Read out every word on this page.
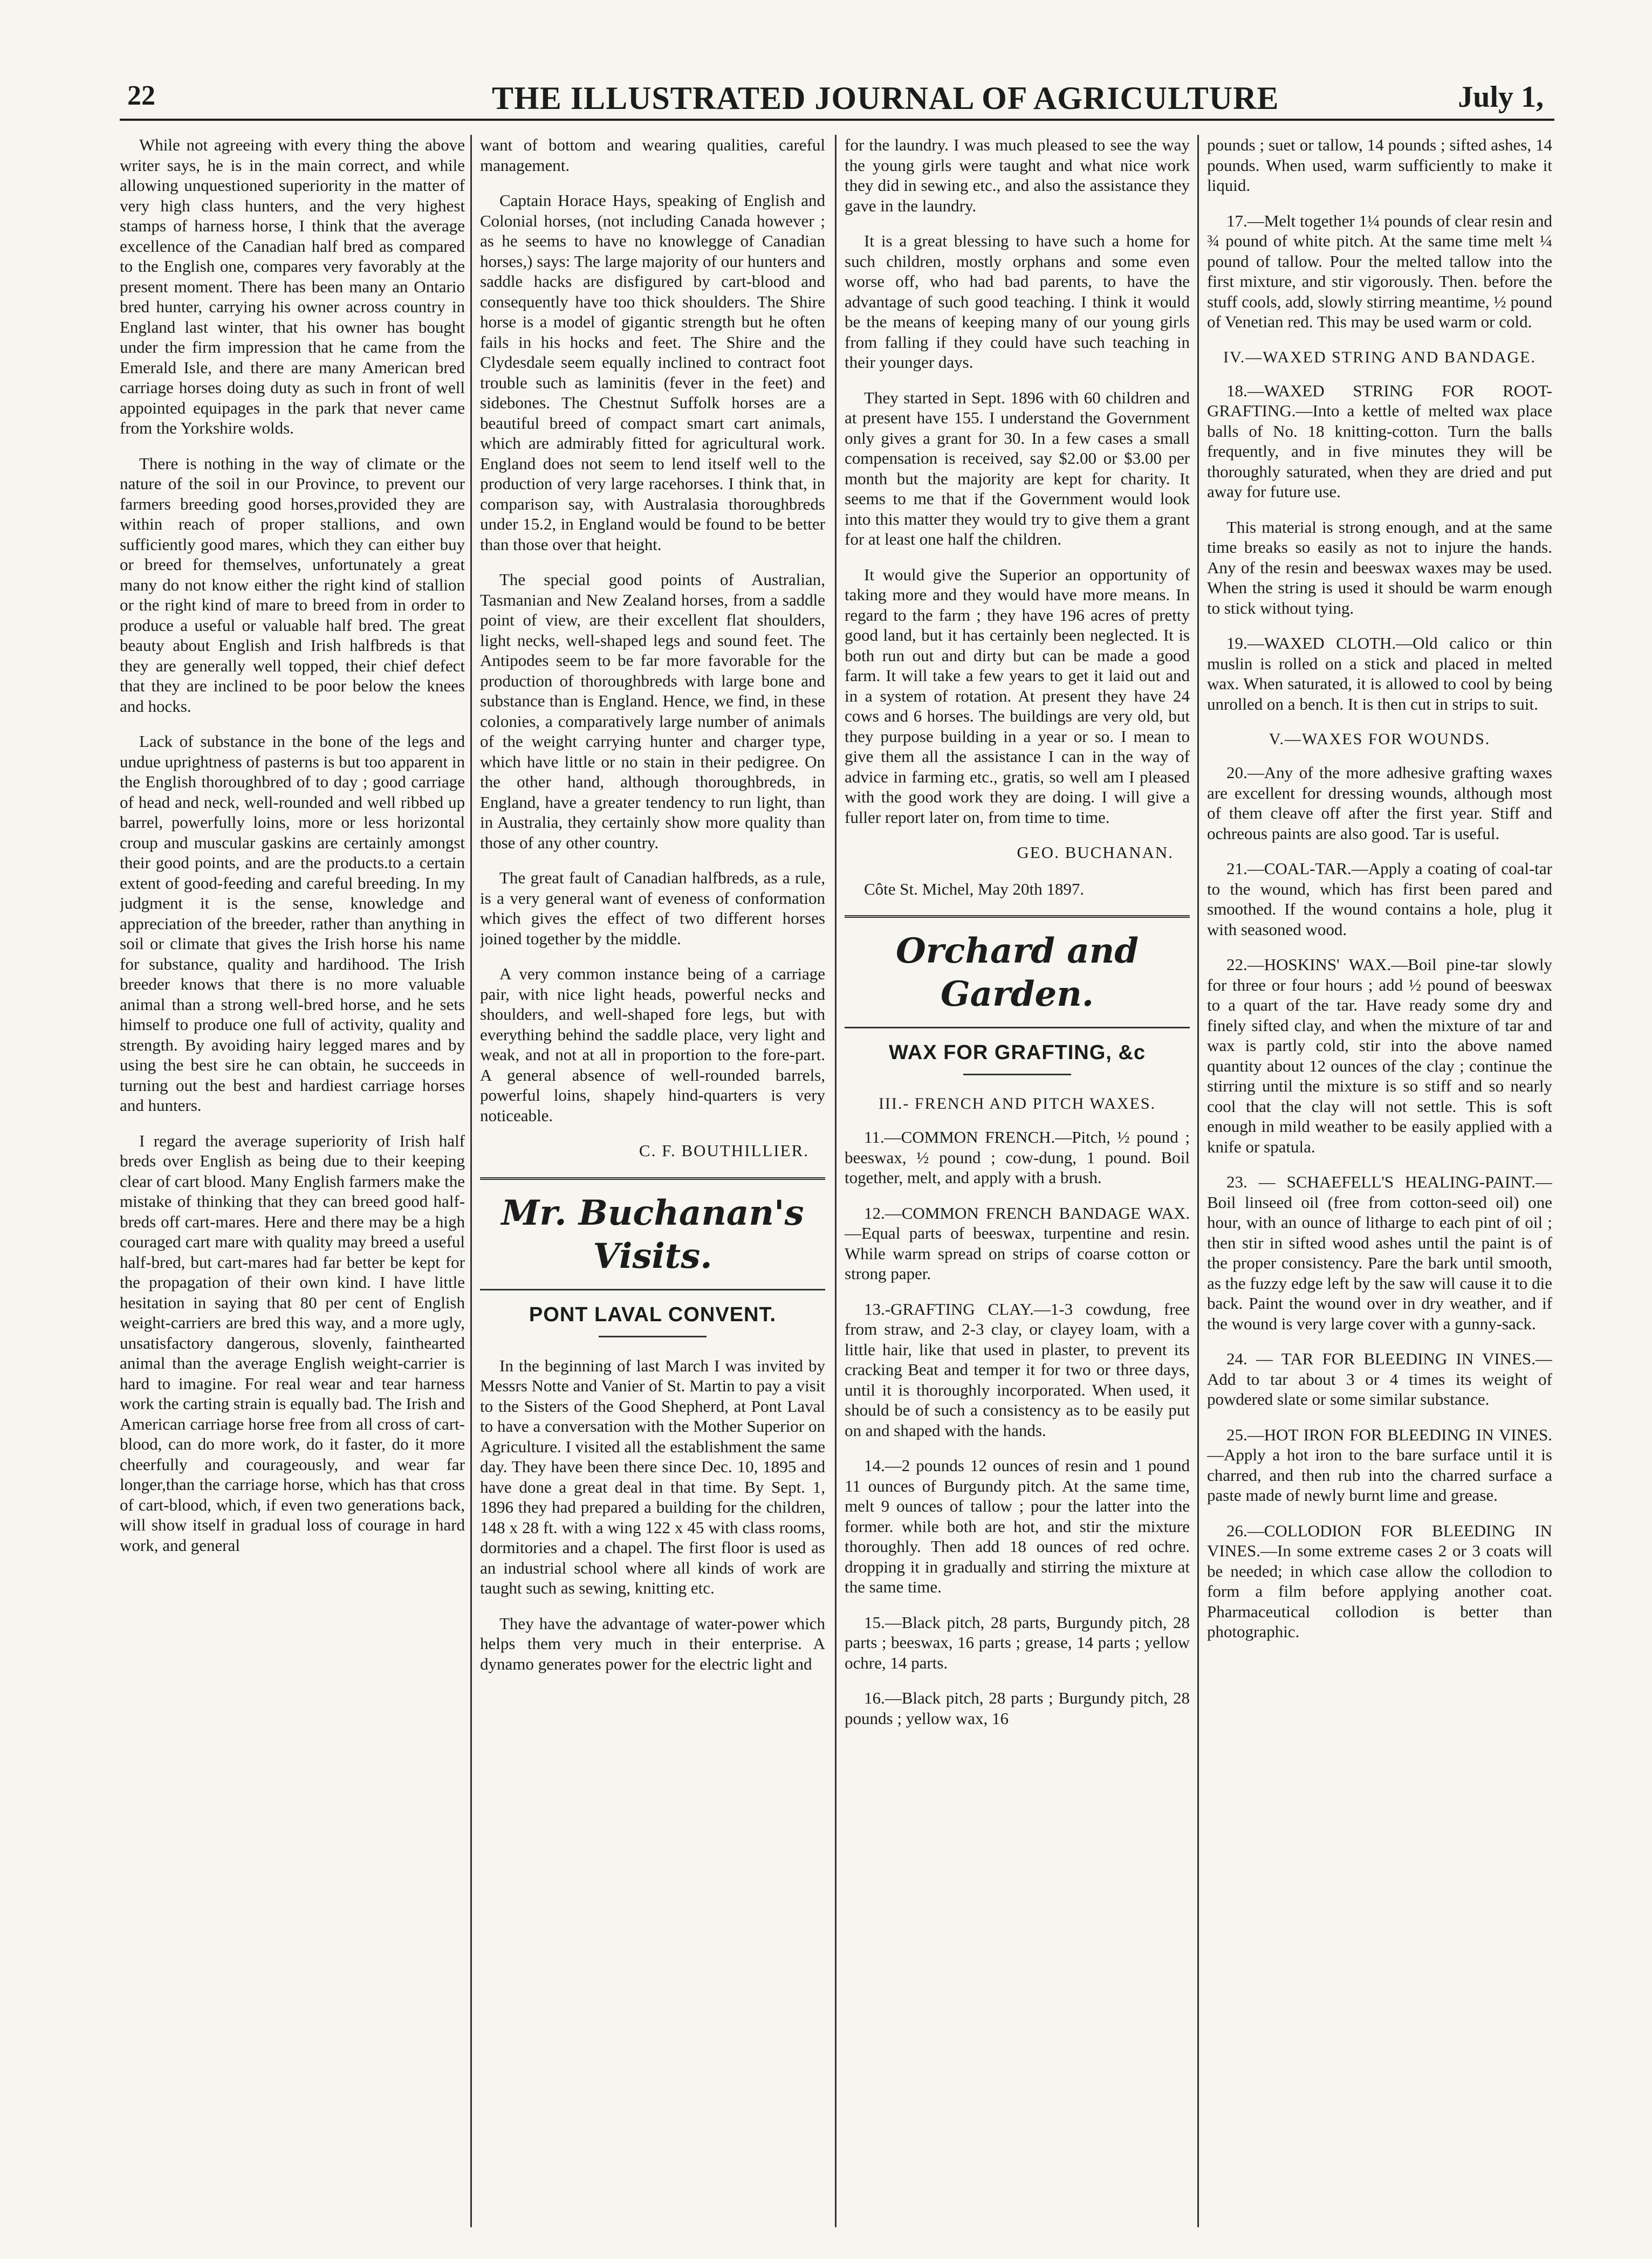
22	THE ILLUSTRATED JOURNAL OF AGRICULTURE	July 1,

While not agreeing with every thing the above writer says, he is in the main correct, and while allowing unquestioned superiority in the matter of very high class hunters, and the very highest stamps of harness horse, I think that the average excellence of the Canadian half bred as compared to the English one, compares very favorably at the present moment. There has been many an Ontario bred hunter, carrying his owner across country in England last winter, that his owner has bought under the firm impression that he came from the Emerald Isle, and there are many American bred carriage horses doing duty as such in front of well appointed equipages in the park that never came from the Yorkshire wolds.

There is nothing in the way of climate or the nature of the soil in our Province, to prevent our farmers breeding good horses,provided they are within reach of proper stallions, and own sufficiently good mares, which they can either buy or breed for themselves, unfortunately a great many do not know either the right kind of stallion or the right kind of mare to breed from in order to produce a useful or valuable half bred. The great beauty about English and Irish halfbreds is that they are generally well topped, their chief defect that they are inclined to be poor below the knees and hocks.

Lack of substance in the bone of the legs and undue uprightness of pasterns is but too apparent in the English thoroughbred of to day ; good carriage of head and neck, well-rounded and well ribbed up barrel, powerfully loins, more or less horizontal croup and muscular gaskins are certainly amongst their good points, and are the products.to a certain extent of good-feeding and careful breeding. In my judgment it is the sense, knowledge and appreciation of the breeder, rather than anything in soil or climate that gives the Irish horse his name for substance, quality and hardihood. The Irish breeder knows that there is no more valuable animal than a strong well-bred horse, and he sets himself to produce one full of activity, quality and strength. By avoiding hairy legged mares and by using the best sire he can obtain, he succeeds in turning out the best and hardiest carriage horses and hunters.

I regard the average superiority of Irish half breds over English as being due to their keeping clear of cart blood. Many English farmers make the mistake of thinking that they can breed good half-breds off cart-mares. Here and there may be a high couraged cart mare with quality may breed a useful half-bred, but cart-mares had far better be kept for the propagation of their own kind. I have little hesitation in saying that 80 per cent of English weight-carriers are bred this way, and a more ugly, unsatisfactory dangerous, slovenly, fainthearted animal than the average English weight-carrier is hard to imagine. For real wear and tear harness work the carting strain is equally bad. The Irish and American carriage horse free from all cross of cart-blood, can do more work, do it faster, do it more cheerfully and courageously, and wear far longer,than the carriage horse, which has that cross of cart-blood, which, if even two generations back, will show itself in gradual loss of courage in hard work, and general

want of bottom and wearing qualities, careful management.

Captain Horace Hays, speaking of English and Colonial horses, (not including Canada however ; as he seems to have no knowlegge of Canadian horses,) says: The large majority of our hunters and saddle hacks are disfigured by cart-blood and consequently have too thick shoulders. The Shire horse is a model of gigantic strength but he often fails in his hocks and feet. The Shire and the Clydesdale seem equally inclined to contract foot trouble such as laminitis (fever in the feet) and sidebones. The Chestnut Suffolk horses are a beautiful breed of compact smart cart animals, which are admirably fitted for agricultural work. England does not seem to lend itself well to the production of very large racehorses. I think that, in comparison say, with Australasia thoroughbreds under 15.2, in England would be found to be better than those over that height.

The special good points of Australian, Tasmanian and New Zealand horses, from a saddle point of view, are their excellent flat shoulders, light necks, well-shaped legs and sound feet. The Antipodes seem to be far more favorable for the production of thoroughbreds with large bone and substance than is England. Hence, we find, in these colonies, a comparatively large number of animals of the weight carrying hunter and charger type, which have little or no stain in their pedigree. On the other hand, although thoroughbreds, in England, have a greater tendency to run light, than in Australia, they certainly show more quality than those of any other country.

The great fault of Canadian halfbreds, as a rule, is a very general want of eveness of conformation which gives the effect of two different horses joined together by the middle.

A very common instance being of a carriage pair, with nice light heads, powerful necks and shoulders, and well-shaped fore legs, but with everything behind the saddle place, very light and weak, and not at all in proportion to the fore-part. A general absence of well-rounded barrels, powerful loins, shapely hind-quarters is very noticeable.

C. F. BOUTHILLIER.

Mr. Buchanan's Visits.
PONT LAVAL CONVENT.

In the beginning of last March I was invited by Messrs Notte and Vanier of St. Martin to pay a visit to the Sisters of the Good Shepherd, at Pont Laval to have a conversation with the Mother Superior on Agriculture. I visited all the establishment the same day. They have been there since Dec. 10, 1895 and have done a great deal in that time. By Sept. 1, 1896 they had prepared a building for the children, 148 x 28 ft. with a wing 122 x 45 with class rooms, dormitories and a chapel. The first floor is used as an industrial school where all kinds of work are taught such as sewing, knitting etc.

They have the advantage of water-power which helps them very much in their enterprise. A dynamo generates power for the electric light and

for the laundry. I was much pleased to see the way the young girls were taught and what nice work they did in sewing etc., and also the assistance they gave in the laundry.

It is a great blessing to have such a home for such children, mostly orphans and some even worse off, who had bad parents, to have the advantage of such good teaching. I think it would be the means of keeping many of our young girls from falling if they could have such teaching in their younger days.

They started in Sept. 1896 with 60 children and at present have 155. I understand the Government only gives a grant for 30. In a few cases a small compensation is received, say $2.00 or $3.00 per month but the majority are kept for charity. It seems to me that if the Government would look into this matter they would try to give them a grant for at least one half the children.

It would give the Superior an opportunity of taking more and they would have more means. In regard to the farm ; they have 196 acres of pretty good land, but it has certainly been neglected. It is both run out and dirty but can be made a good farm. It will take a few years to get it laid out and in a system of rotation. At present they have 24 cows and 6 horses. The buildings are very old, but they purpose building in a year or so. I mean to give them all the assistance I can in the way of advice in farming etc., gratis, so well am I pleased with the good work they are doing. I will give a fuller report later on, from time to time.

GEO. BUCHANAN.

Côte St. Michel, May 20th 1897.

Orchard and Garden.
WAX FOR GRAFTING, &c
III.- FRENCH AND PITCH WAXES.

11.—COMMON FRENCH.—Pitch, ½ pound ; beeswax, ½ pound ; cow-dung, 1 pound. Boil together, melt, and apply with a brush.

12.—COMMON FRENCH BANDAGE WAX.—Equal parts of beeswax, turpentine and resin. While warm spread on strips of coarse cotton or strong paper.

13.-GRAFTING CLAY.—1-3 cowdung, free from straw, and 2-3 clay, or clayey loam, with a little hair, like that used in plaster, to prevent its cracking Beat and temper it for two or three days, until it is thoroughly incorporated. When used, it should be of such a consistency as to be easily put on and shaped with the hands.

14.—2 pounds 12 ounces of resin and 1 pound 11 ounces of Burgundy pitch. At the same time, melt 9 ounces of tallow ; pour the latter into the former. while both are hot, and stir the mixture thoroughly. Then add 18 ounces of red ochre. dropping it in gradually and stirring the mixture at the same time.

15.—Black pitch, 28 parts, Burgundy pitch, 28 parts ; beeswax, 16 parts ; grease, 14 parts ; yellow ochre, 14 parts.

16.—Black pitch, 28 parts ; Burgundy pitch, 28 pounds ; yellow wax, 16

pounds ; suet or tallow, 14 pounds ; sifted ashes, 14 pounds. When used, warm sufficiently to make it liquid.

17.—Melt together 1¼ pounds of clear resin and ¾ pound of white pitch. At the same time melt ¼ pound of tallow. Pour the melted tallow into the first mixture, and stir vigorously. Then. before the stuff cools, add, slowly stirring meantime, ½ pound of Venetian red. This may be used warm or cold.

IV.—WAXED STRING AND BANDAGE.

18.—WAXED STRING FOR ROOT-GRAFTING.—Into a kettle of melted wax place balls of No. 18 knitting-cotton. Turn the balls frequently, and in five minutes they will be thoroughly saturated, when they are dried and put away for future use.

This material is strong enough, and at the same time breaks so easily as not to injure the hands. Any of the resin and beeswax waxes may be used. When the string is used it should be warm enough to stick without tying.

19.—WAXED CLOTH.—Old calico or thin muslin is rolled on a stick and placed in melted wax. When saturated, it is allowed to cool by being unrolled on a bench. It is then cut in strips to suit.

V.—WAXES FOR WOUNDS.

20.—Any of the more adhesive grafting waxes are excellent for dressing wounds, although most of them cleave off after the first year. Stiff and ochreous paints are also good. Tar is useful.

21.—COAL-TAR.—Apply a coating of coal-tar to the wound, which has first been pared and smoothed. If the wound contains a hole, plug it with seasoned wood.

22.—HOSKINS' WAX.—Boil pine-tar slowly for three or four hours ; add ½ pound of beeswax to a quart of the tar. Have ready some dry and finely sifted clay, and when the mixture of tar and wax is partly cold, stir into the above named quantity about 12 ounces of the clay ; continue the stirring until the mixture is so stiff and so nearly cool that the clay will not settle. This is soft enough in mild weather to be easily applied with a knife or spatula.

23. — SCHAEFELL'S HEALING-PAINT.—Boil linseed oil (free from cotton-seed oil) one hour, with an ounce of litharge to each pint of oil ; then stir in sifted wood ashes until the paint is of the proper consistency. Pare the bark until smooth, as the fuzzy edge left by the saw will cause it to die back. Paint the wound over in dry weather, and if the wound is very large cover with a gunny-sack.

24. — TAR FOR BLEEDING IN VINES.—Add to tar about 3 or 4 times its weight of powdered slate or some similar substance.

25.—HOT IRON FOR BLEEDING IN VINES.—Apply a hot iron to the bare surface until it is charred, and then rub into the charred surface a paste made of newly burnt lime and grease.

26.—COLLODION FOR BLEEDING IN VINES.—In some extreme cases 2 or 3 coats will be needed; in which case allow the collodion to form a film before applying another coat. Pharmaceutical collodion is better than photographic.
